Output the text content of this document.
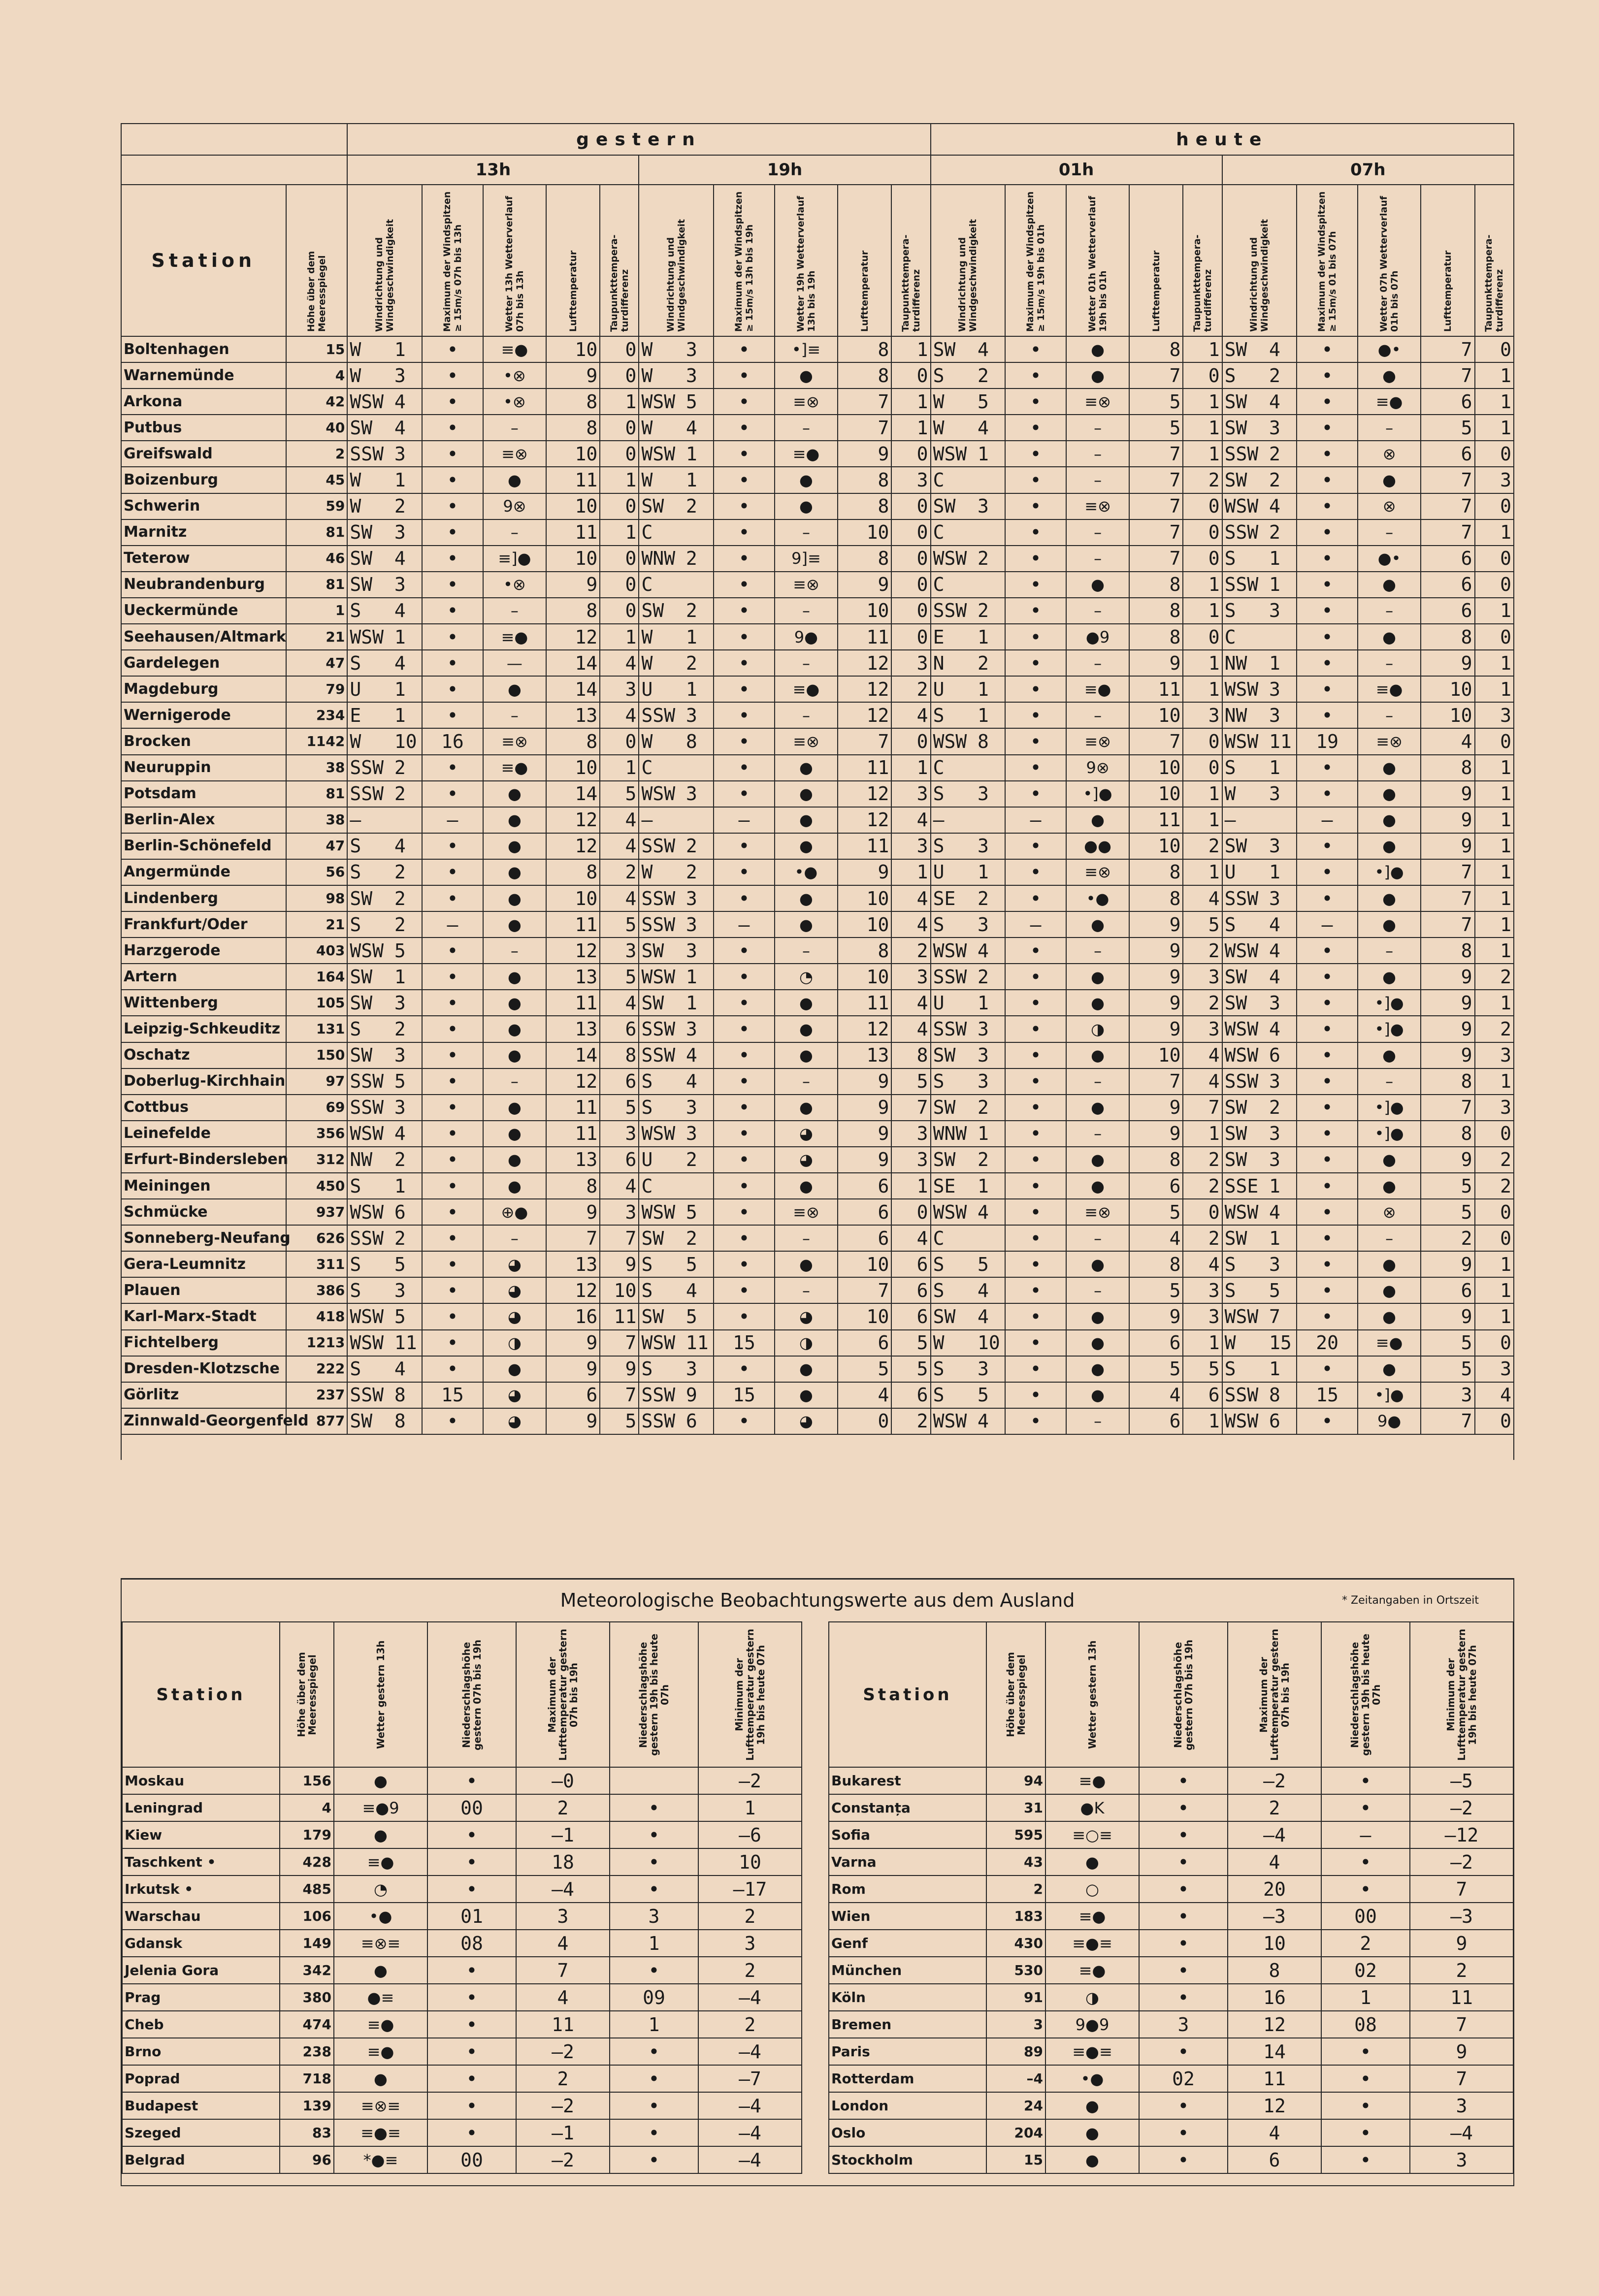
		gestern												heute											
		13h						19h						01h						07h					
Station	Höhe über dem Meeresspiegel	Windrichtung und Windgeschwindigkeit		Maximum der Windspitzen ≥ 15m/s 07h bis 13h	Wetter 13h Wetterverlauf 07h bis 13h	Lufttemperatur	Taupunkttemperaturdifferenz	Windrichtung und Windgeschwindigkeit		Maximum der Windspitzen ≥ 15m/s 13h bis 19h	Wetter 19h Wetterverlauf 13h bis 19h	Lufttemperatur	Taupunkttemperaturdifferenz	Windrichtung und Windgeschwindigkeit		Maximum der Windspitzen ≥ 15m/s 19h bis 01h	Wetter 01h Wetterverlauf 19h bis 01h	Lufttemperatur	Taupunkttemperaturdifferenz	Windrichtung und Windgeschwindigkeit		Maximum der Windspitzen ≥ 15m/s 01 bis 07h	Wetter 07h Wetterverlauf 01h bis 07h	Lufttemperatur	Taupunkttemperaturdifferenz

Boltenhagen	15	W	1	•	≡●	10	0	W	3	•	•]≡	8	1	SW	4	•	●	8	1	SW	4	•	●•	7	0
Warnemünde	4	W	3	•	•⊗	9	0	W	3	•	●	8	0	S	2	•	●	7	0	S	2	•	●	7	1
Arkona	42	WSW	4	•	•⊗	8	1	WSW	5	•	≡⊗	7	1	W	5	•	≡⊗	5	1	SW	4	•	≡●	6	1
Putbus	40	SW	4	•	–	8	0	W	4	•	–	7	1	W	4	•	–	5	1	SW	3	•	–	5	1
Greifswald	2	SSW	3	•	≡⊗	10	0	WSW	1	•	≡●	9	0	WSW	1	•	–	7	1	SSW	2	•	⊗	6	0
Boizenburg	45	W	1	•	●	11	1	W	1	•	●	8	3	C		•	–	7	2	SW	2	•	●	7	3
Schwerin	59	W	2	•	9⊗	10	0	SW	2	•	●	8	0	SW	3	•	≡⊗	7	0	WSW	4	•	⊗	7	0
Marnitz	81	SW	3	•	–	11	1	C		•	–	10	0	C		•	–	7	0	SSW	2	•	–	7	1
Teterow	46	SW	4	•	≡]●	10	0	WNW	2	•	9]≡	8	0	WSW	2	•	–	7	0	S	1	•	●•	6	0
Neubrandenburg	81	SW	3	•	•⊗	9	0	C		•	≡⊗	9	0	C		•	●	8	1	SSW	1	•	●	6	0
Ueckermünde	1	S	4	•	–	8	0	SW	2	•	–	10	0	SSW	2	•	–	8	1	S	3	•	–	6	1
Seehausen/Altmark	21	WSW	1	•	≡●	12	1	W	1	•	9●	11	0	E	1	•	●9	8	0	C		•	●	8	0
Gardelegen	47	S	4	•	—	14	4	W	2	•	–	12	3	N	2	•	–	9	1	NW	1	•	–	9	1
Magdeburg	79	U	1	•	●	14	3	U	1	•	≡●	12	2	U	1	•	≡●	11	1	WSW	3	•	≡●	10	1
Wernigerode	234	E	1	•	–	13	4	SSW	3	•	–	12	4	S	1	•	–	10	3	NW	3	•	–	10	3
Brocken	1142	W	10	16	≡⊗	8	0	W	8	•	≡⊗	7	0	WSW	8	•	≡⊗	7	0	WSW	11	19	≡⊗	4	0
Neuruppin	38	SSW	2	•	≡●	10	1	C		•	●	11	1	C		•	9⊗	10	0	S	1	•	●	8	1
Potsdam	81	SSW	2	•	●	14	5	WSW	3	•	●	12	3	S	3	•	•]●	10	1	W	3	•	●	9	1
Berlin-Alex	38	–		–	●	12	4	–		–	●	12	4	–		–	●	11	1	–		–	●	9	1
Berlin-Schönefeld	47	S	4	•	●	12	4	SSW	2	•	●	11	3	S	3	•	●●	10	2	SW	3	•	●	9	1
Angermünde	56	S	2	•	●	8	2	W	2	•	•●	9	1	U	1	•	≡⊗	8	1	U	1	•	•]●	7	1
Lindenberg	98	SW	2	•	●	10	4	SSW	3	•	●	10	4	SE	2	•	•●	8	4	SSW	3	•	●	7	1
Frankfurt/Oder	21	S	2	–	●	11	5	SSW	3	–	●	10	4	S	3	–	●	9	5	S	4	–	●	7	1
Harzgerode	403	WSW	5	•	–	12	3	SW	3	•	–	8	2	WSW	4	•	–	9	2	WSW	4	•	–	8	1
Artern	164	SW	1	•	●	13	5	WSW	1	•	◔	10	3	SSW	2	•	●	9	3	SW	4	•	●	9	2
Wittenberg	105	SW	3	•	●	11	4	SW	1	•	●	11	4	U	1	•	●	9	2	SW	3	•	•]●	9	1
Leipzig-Schkeuditz	131	S	2	•	●	13	6	SSW	3	•	●	12	4	SSW	3	•	◑	9	3	WSW	4	•	•]●	9	2
Oschatz	150	SW	3	•	●	14	8	SSW	4	•	●	13	8	SW	3	•	●	10	4	WSW	6	•	●	9	3
Doberlug-Kirchhain	97	SSW	5	•	–	12	6	S	4	•	–	9	5	S	3	•	–	7	4	SSW	3	•	–	8	1
Cottbus	69	SSW	3	•	●	11	5	S	3	•	●	9	7	SW	2	•	●	9	7	SW	2	•	•]●	7	3
Leinefelde	356	WSW	4	•	●	11	3	WSW	3	•	◕	9	3	WNW	1	•	–	9	1	SW	3	•	•]●	8	0
Erfurt-Bindersleben	312	NW	2	•	●	13	6	U	2	•	◕	9	3	SW	2	•	●	8	2	SW	3	•	●	9	2
Meiningen	450	S	1	•	●	8	4	C		•	●	6	1	SE	1	•	●	6	2	SSE	1	•	●	5	2
Schmücke	937	WSW	6	•	⊕●	9	3	WSW	5	•	≡⊗	6	0	WSW	4	•	≡⊗	5	0	WSW	4	•	⊗	5	0
Sonneberg-Neufang	626	SSW	2	•	–	7	7	SW	2	•	–	6	4	C		•	–	4	2	SW	1	•	–	2	0
Gera-Leumnitz	311	S	5	•	◕	13	9	S	5	•	●	10	6	S	5	•	●	8	4	S	3	•	●	9	1
Plauen	386	S	3	•	◕	12	10	S	4	•	–	7	6	S	4	•	–	5	3	S	5	•	●	6	1
Karl-Marx-Stadt	418	WSW	5	•	◕	16	11	SW	5	•	◕	10	6	SW	4	•	●	9	3	WSW	7	•	●	9	1
Fichtelberg	1213	WSW	11	•	◑	9	7	WSW	11	15	◑	6	5	W	10	•	●	6	1	W	15	20	≡●	5	0
Dresden-Klotzsche	222	S	4	•	●	9	9	S	3	•	●	5	5	S	3	•	●	5	5	S	1	•	●	5	3
Görlitz	237	SSW	8	15	◕	6	7	SSW	9	15	●	4	6	S	5	•	●	4	6	SSW	8	15	•]●	3	4
Zinnwald-Georgenfeld	877	SW	8	•	◕	9	5	SSW	6	•	◕	0	2	WSW	4	•	–	6	1	WSW	6	•	9●	7	0

Meteorologische Beobachtungswerte aus dem Ausland	* Zeitangaben in Ortszeit
Station	Höhe über dem Meeresspiegel	Wetter gestern 13h	Niederschlagshöhe gestern 07h bis 19h	Maximum der Lufttemperatur gestern 07h bis 19h	Niederschlagshöhe gestern 19h bis heute 07h	Minimum der Lufttemperatur gestern 19h bis heute 07h

Moskau	156	●	•	–0		–2
Leningrad	4	≡●9	00	2	•	1
Kiew	179	●	•	–1	•	–6
Taschkent •	428	≡●	•	18	•	10
Irkutsk •	485	◔	•	–4	•	–17
Warschau	106	•●	01	3	3	2
Gdansk	149	≡⊗≡	08	4	1	3
Jelenia Gora	342	●	•	7	•	2
Prag	380	●≡	•	4	09	–4
Cheb	474	≡●	•	11	1	2
Brno	238	≡●	•	–2	•	–4
Poprad	718	●	•	2	•	–7
Budapest	139	≡⊗≡	•	–2	•	–4
Szeged	83	≡●≡	•	–1	•	–4
Belgrad	96	*●≡	00	–2	•	–4
Station	Höhe über dem Meeresspiegel	Wetter gestern 13h	Niederschlagshöhe gestern 07h bis 19h	Maximum der Lufttemperatur gestern 07h bis 19h	Niederschlagshöhe gestern 19h bis heute 07h	Minimum der Lufttemperatur gestern 19h bis heute 07h

Bukarest	94	≡●	•	–2	•	–5
Constanța	31	●K	•	2	•	–2
Sofia	595	≡○≡	•	–4	–	–12
Varna	43	●	•	4	•	–2
Rom	2	○	•	20	•	7
Wien	183	≡●	•	–3	00	–3
Genf	430	≡●≡	•	10	2	9
München	530	≡●	•	8	02	2
Köln	91	◑	•	16	1	11
Bremen	3	9●9	3	12	08	7
Paris	89	≡●≡	•	14	•	9
Rotterdam	–4	•●	02	11	•	7
London	24	●	•	12	•	3
Oslo	204	●	•	4	•	–4
Stockholm	15	●	•	6	•	3
